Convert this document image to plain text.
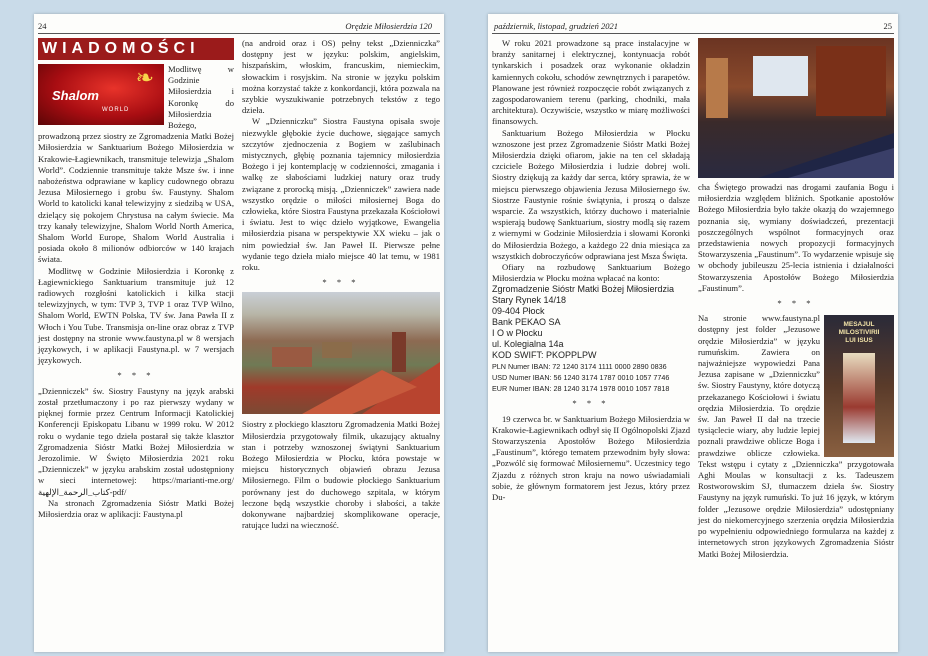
24	Orędzie Miłosierdzia 120
WIADOMOŚCI
❧
Shalom
WORLD

Modlitwę w Godzinie Miłosierdzia i Koronkę do Miłosierdzia Bożego, prowadzoną przez siostry ze Zgromadzenia Matki Bożej Miłosierdzia w Sanktuarium Bożego Miłosierdzia w Krakowie-Łagiewnikach, transmituje telewizja „Shalom World”. Codziennie transmituje także Msze św. i inne nabożeństwa odprawiane w kaplicy cudownego obrazu Jezusa Miłosiernego i grobu św. Faustyny. Shalom World to katolicki kanał telewizyjny z siedzibą w USA, dzielący się pokojem Chrystusa na całym świecie. Ma trzy kanały telewizyjne, Shalom World North America, Shalom World Europe, Shalom World Australia i posiada około 8 milionów odbiorców w 140 krajach świata.

Modlitwę w Godzinie Miłosierdzia i Koronkę z Łagiewnickiego Sanktuarium transmituje już 12 radiowych rozgłośni katolickich i kilka stacji telewizyjnych, w tym: TVP 3, TVP 1 oraz TVP Wilno, Shalom World, EWTN Polska, TV św. Jana Pawła II z Włoch i You Tube. Transmisja on-line oraz obraz z TVP jest dostępny na stronie www.faustyna.pl w 8 wersjach językowych, i w aplikacji Faustyna.pl. w 7 wersjach językowych.

* * *

„Dzienniczek” św. Siostry Faustyny na język arabski został przetłumaczony i po raz pierwszy wydany w pięknej formie przez Centrum Informacji Katolickiej Konferencji Episkopatu Libanu w 1999 roku. W 2012 roku o wydanie tego dzieła postarał się także klasztor Zgromadzenia Sióstr Matki Bożej Miłosierdzia w Jerozolimie. W Święto Miłosierdzia 2021 roku „Dzienniczek” w języku arabskim został udostępniony w sieci internetowej: https://marianti-me.org/كتاب_الرحمة_الإلهية-pdf/

Na stronach Zgromadzenia Sióstr Matki Bożej Miłosierdzia oraz w aplikacji: Faustyna.pl

(na android oraz i OS) pełny tekst „Dzienniczka” dostępny jest w języku: polskim, angielskim, hiszpańskim, włoskim, francuskim, niemieckim, słowackim i rosyjskim. Na stronie w języku polskim można korzystać także z konkordancji, która pozwala na szybkie wyszukiwanie potrzebnych tekstów z tego dzieła.

W „Dzienniczku” Siostra Faustyna opisała swoje niezwykle głębokie życie duchowe, sięgające samych szczytów zjednoczenia z Bogiem w zaślubinach mistycznych, głębię poznania tajemnicy miłosierdzia Bożego i jej kontemplację w codzienności, zmagania i walkę ze słabościami ludzkiej natury oraz trudy związane z prorocką misją. „Dzienniczek” zawiera nade wszystko orędzie o miłości miłosiernej Boga do człowieka, które Siostra Faustyna przekazała Kościołowi i światu. Jest to więc dzieło wyjątkowe, Ewangelia miłosierdzia pisana w perspektywie XX wieku – jak o nim powiedział św. Jan Paweł II. Pierwsze pełne wydanie tego dzieła miało miejsce 40 lat temu, w 1981 roku.

* * *

Siostry z płockiego klasztoru Zgromadzenia Matki Bożej Miłosierdzia przygotowały filmik, ukazujący aktualny stan i potrzeby wznoszonej świątyni Sanktuarium Bożego Miłosierdzia w Płocku, która powstaje w miejscu historycznych objawień obrazu Jezusa Miłosiernego. Film o budowie płockiego Sanktuarium porównany jest do duchowego szpitala, w którym leczone będą wszystkie choroby i słabości, a także dokonywane najbardziej skomplikowane operacje, ratujące ludzi na wieczność.

październik, listopad, grudzień 2021	25

W roku 2021 prowadzone są prace instalacyjne w branży sanitarnej i elektrycznej, kontynuacja robót tynkarskich i posadzek oraz wykonanie okładzin kamiennych cokołu, schodów zewnętrznych i parapetów. Planowane jest również rozpoczęcie robót związanych z zagospodarowaniem terenu (parking, chodniki, mała architektura). Oczywiście, wszystko w miarę możliwości finansowych.

Sanktuarium Bożego Miłosierdzia w Płocku wznoszone jest przez Zgromadzenie Sióstr Matki Bożej Miłosierdzia dzięki ofiarom, jakie na ten cel składają czciciele Bożego Miłosierdzia i ludzie dobrej woli. Siostry dziękują za każdy dar serca, który sprawia, że w miejscu pierwszego objawienia Jezusa Miłosiernego św. Siostrze Faustynie rośnie świątynia, i proszą o dalsze wsparcie. Za wszystkich, którzy duchowo i materialnie wspierają budowę Sanktuarium, siostry modlą się razem z wiernymi w Godzinie Miłosierdzia i słowami Koronki do Miłosierdzia Bożego, a każdego 22 dnia miesiąca za wszystkich dobroczyńców odprawiana jest Msza Święta.

Ofiary na rozbudowę Sanktuarium Bożego Miłosierdzia w Płocku można wpłacać na konto:

Zgromadzenie Sióstr Matki Bożej Miłosierdzia
Stary Rynek 14/18
09-404 Płock
Bank PEKAO SA
I O w Płocku
ul. Kolegialna 14a
KOD SWIFT: PKOPPLPW
PLN Numer IBAN: 72 1240 3174 1111 0000 2890 0836
USD Numer IBAN: 56 1240 3174 1787 0010 1057 7746
EUR Numer IBAN: 28 1240 3174 1978 0010 1057 7818

* * *

19 czerwca br. w Sanktuarium Bożego Miłosierdzia w Krakowie-Łagiewnikach odbył się II Ogólnopolski Zjazd Stowarzyszenia Apostołów Bożego Miłosierdzia „Faustinum”, którego tematem przewodnim były słowa: „Pozwólć się formować Miłosiernemu”. Uczestnicy tego Zjazdu z różnych stron kraju na nowo uświadamiali sobie, że głównym formatorem jest Jezus, który przez Du-

cha Świętego prowadzi nas drogami zaufania Bogu i miłosierdzia względem bliźnich. Spotkanie apostołów Bożego Miłosierdzia było także okazją do wzajemnego poznania się, wymiany doświadczeń, prezentacji poszczególnych wspólnot formacyjnych oraz przedstawienia nowych propozycji formacyjnych Stowarzyszenia „Faustinum”. To wydarzenie wpisuje się w obchody jubileuszu 25-lecia istnienia i działalności Stowarzyszenia Apostołów Bożego Miłosierdzia „Faustinum”.

* * *

MESAJUL
MILOSTIVIRII
LUI ISUS

Na stronie www.faustyna.pl dostępny jest folder „Jezusowe orędzie Miłosierdzia” w języku rumuńskim. Zawiera on najważniejsze wypowiedzi Pana Jezusa zapisane w „Dzienniczku” św. Siostry Faustyny, które dotyczą przekazanego Kościołowi i światu orędzia Miłosierdzia. To orędzie św. Jan Paweł II dał na trzecie tysiąclecie wiary, aby ludzie lepiej poznali prawdziwe oblicze Boga i prawdziwe oblicze człowieka. Tekst wstępu i cytaty z „Dzienniczka” przygotowała Aghi Moulas w konsultacji z ks. Tadeuszem Rostworowskim SJ, tłumaczem dzieła św. Siostry Faustyny na język rumuński. To już 16 język, w którym folder „Jezusowe orędzie Miłosierdzia” udostępniany jest do niekomercyjnego szerzenia orędzia Miłosierdzia po wypełnieniu odpowiedniego formularza na każdej z internetowych stron językowych Zgromadzenia Sióstr Matki Bożej Miłosierdzia.
